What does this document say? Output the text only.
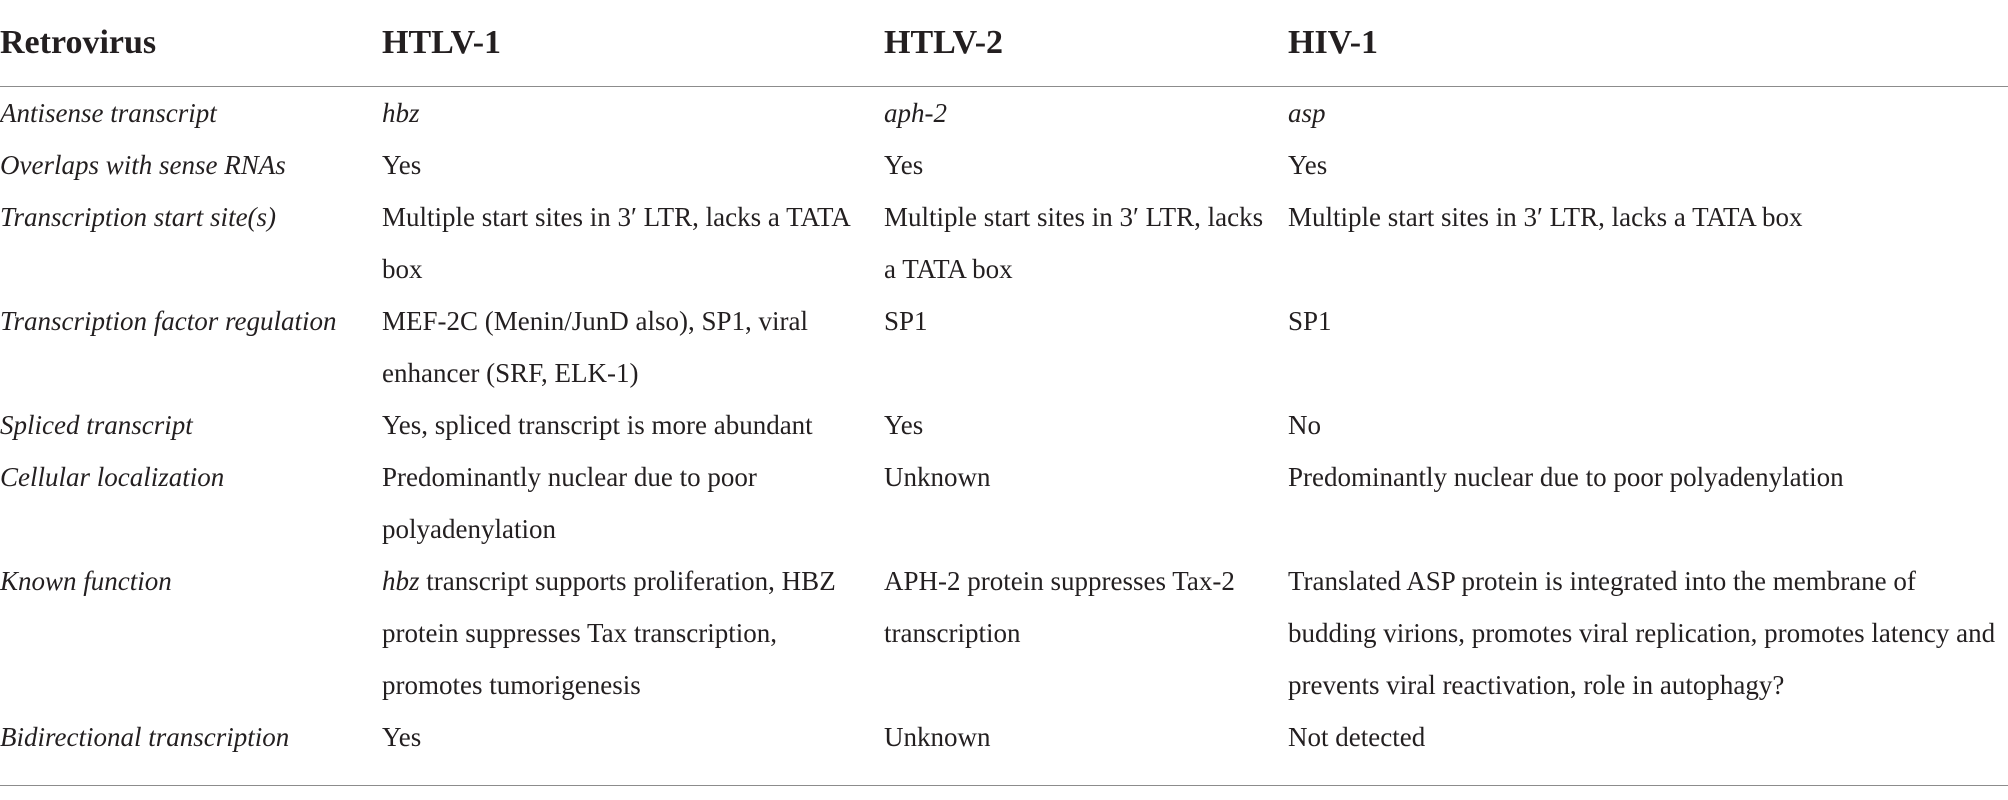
Retrovirus	HTLV-1	HTLV-2	HIV-1
Antisense transcript	hbz	aph-2	asp
Overlaps with sense RNAs	Yes	Yes	Yes
Transcription start site(s)	Multiple start sites in 3′ LTR, lacks a TATA box	Multiple start sites in 3′ LTR, lacks a TATA box	Multiple start sites in 3′ LTR, lacks a TATA box
Transcription factor regulation	MEF-2C (Menin/JunD also), SP1, viral enhancer (SRF, ELK-1)	SP1	SP1
Spliced transcript	Yes, spliced transcript is more abundant	Yes	No
Cellular localization	Predominantly nuclear due to poor polyadenylation	Unknown	Predominantly nuclear due to poor polyadenylation
Known function	hbz transcript supports proliferation, HBZ protein suppresses Tax transcription, promotes tumorigenesis	APH-2 protein suppresses Tax-2 transcription	Translated ASP protein is integrated into the membrane of budding virions, promotes viral replication, promotes latency and prevents viral reactivation, role in autophagy?
Bidirectional transcription	Yes	Unknown	Not detected
